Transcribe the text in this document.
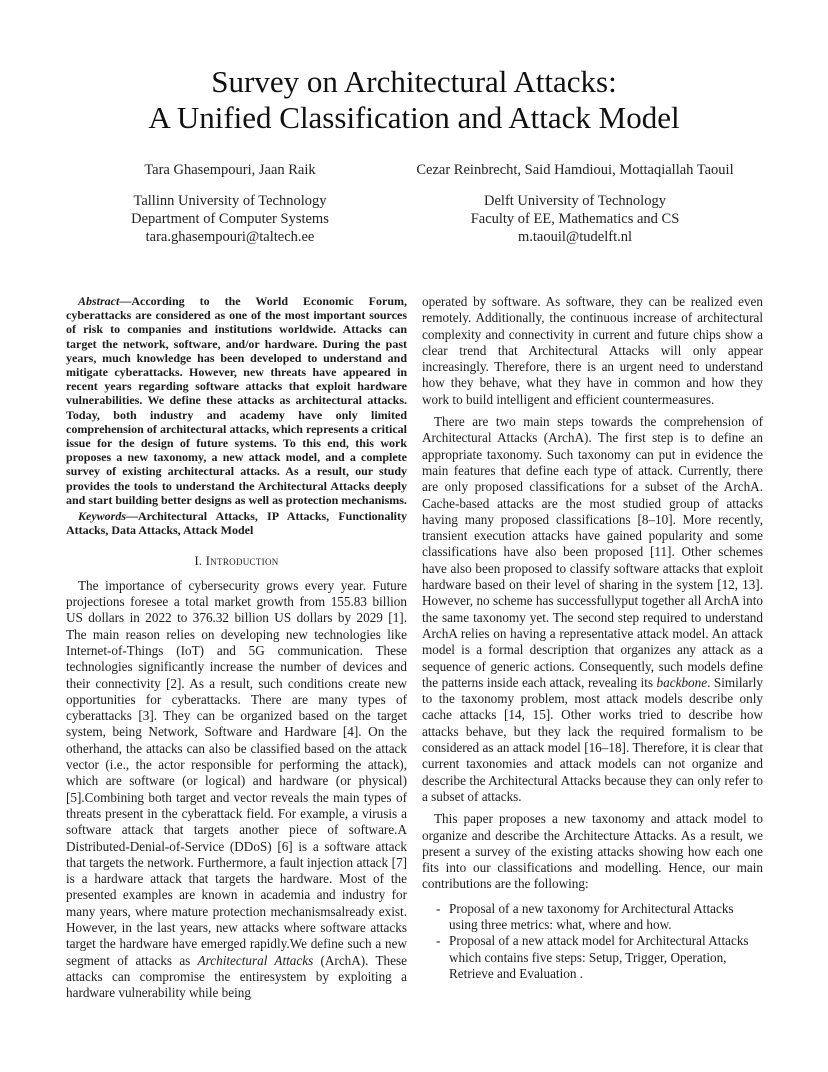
Survey on Architectural Attacks:
A Unified Classification and Attack Model
Tara Ghasempouri, Jaan Raik
Tallinn University of Technology
Department of Computer Systems
tara.ghasempouri@taltech.ee
Cezar Reinbrecht, Said Hamdioui, Mottaqiallah Taouil
Delft University of Technology
Faculty of EE, Mathematics and CS
m.taouil@tudelft.nl

Abstract—According to the World Economic Forum, cyberattacks are considered as one of the most important sources of risk to companies and institutions worldwide. Attacks can target the network, software, and/or hardware. During the past years, much knowledge has been developed to understand and mitigate cyberattacks. However, new threats have appeared in recent years regarding software attacks that exploit hardware vulnerabilities. We define these attacks as architectural attacks. Today, both industry and academy have only limited comprehension of architectural attacks, which represents a critical issue for the design of future systems. To this end, this work proposes a new taxonomy, a new attack model, and a complete survey of existing architectural attacks. As a result, our study provides the tools to understand the Architectural Attacks deeply and start building better designs as well as protection mechanisms.

Keywords—Architectural Attacks, IP Attacks, Functionality Attacks, Data Attacks, Attack Model

I. Introduction

The importance of cybersecurity grows every year. Future projections foresee a total market growth from 155.83 billion US dollars in 2022 to 376.32 billion US dollars by 2029 [1]. The main reason relies on developing new technologies like Internet-of-Things (IoT) and 5G communication. These technologies significantly increase the number of devices and their connectivity [2]. As a result, such conditions create new opportunities for cyberattacks. There are many types of cyberattacks [3]. They can be organized based on the target system, being Network, Software and Hardware [4]. On the otherhand, the attacks can also be classified based on the attack vector (i.e., the actor responsible for performing the attack), which are software (or logical) and hardware (or physical) [5].Combining both target and vector reveals the main types of threats present in the cyberattack field. For example, a virusis a software attack that targets another piece of software.A Distributed-Denial-of-Service (DDoS) [6] is a software attack that targets the network. Furthermore, a fault injection attack [7] is a hardware attack that targets the hardware. Most of the presented examples are known in academia and industry for many years, where mature protection mechanismsalready exist. However, in the last years, new attacks where software attacks target the hardware have emerged rapidly.We define such a new segment of attacks as Architectural Attacks (ArchA). These attacks can compromise the entiresystem by exploiting a hardware vulnerability while being

operated by software. As software, they can be realized even remotely. Additionally, the continuous increase of architectural complexity and connectivity in current and future chips show a clear trend that Architectural Attacks will only appear increasingly. Therefore, there is an urgent need to understand how they behave, what they have in common and how they work to build intelligent and efficient countermeasures.

There are two main steps towards the comprehension of Architectural Attacks (ArchA). The first step is to define an appropriate taxonomy. Such taxonomy can put in evidence the main features that define each type of attack. Currently, there are only proposed classifications for a subset of the ArchA. Cache-based attacks are the most studied group of attacks having many proposed classifications [8–10]. More recently, transient execution attacks have gained popularity and some classifications have also been proposed [11]. Other schemes have also been proposed to classify software attacks that exploit hardware based on their level of sharing in the system [12, 13]. However, no scheme has successfullyput together all ArchA into the same taxonomy yet. The second step required to understand ArchA relies on having a representative attack model. An attack model is a formal description that organizes any attack as a sequence of generic actions. Consequently, such models define the patterns inside each attack, revealing its backbone. Similarly to the taxonomy problem, most attack models describe only cache attacks [14, 15]. Other works tried to describe how attacks behave, but they lack the required formalism to be considered as an attack model [16–18]. Therefore, it is clear that current taxonomies and attack models can not organize and describe the Architectural Attacks because they can only refer to a subset of attacks.

This paper proposes a new taxonomy and attack model to organize and describe the Architecture Attacks. As a result, we present a survey of the existing attacks showing how each one fits into our classifications and modelling. Hence, our main contributions are the following:

- Proposal of a new taxonomy for Architectural Attacks using three metrics: what, where and how.
- Proposal of a new attack model for Architectural Attacks which contains five steps: Setup, Trigger, Operation, Retrieve and Evaluation .
